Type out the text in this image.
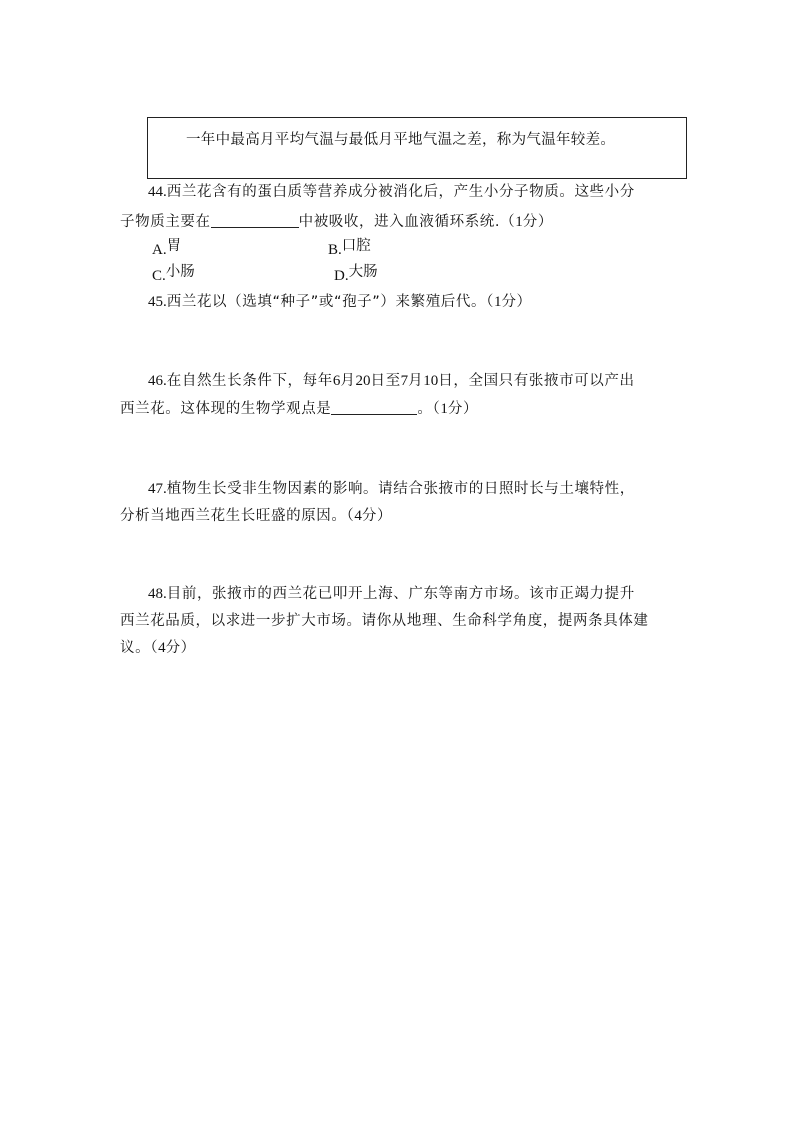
一年中最高月平均气温与最低月平地气温之差，称为气温年较差。
44.西兰花含有的蛋白质等营养成分被消化后，产生小分子物质。这些小分
子物质主要在	中被吸收，进入血液循环系统.（1分）
A.胃	B.口腔
C.小肠	D.大肠
45.西兰花以（选填“种子”或“孢子”）来繁殖后代。（1分）
46.在自然生长条件下，每年6月20日至7月10日，全国只有张掖市可以产出
西兰花。这体现的生物学观点是	。（1分）
47.植物生长受非生物因素的影响。请结合张掖市的日照时长与土壤特性，
分析当地西兰花生长旺盛的原因。（4分）
48.目前，张掖市的西兰花已叩开上海、广东等南方市场。该市正竭力提升
西兰花品质，以求进一步扩大市场。请你从地理、生命科学角度，提两条具体建
议。（4分）
